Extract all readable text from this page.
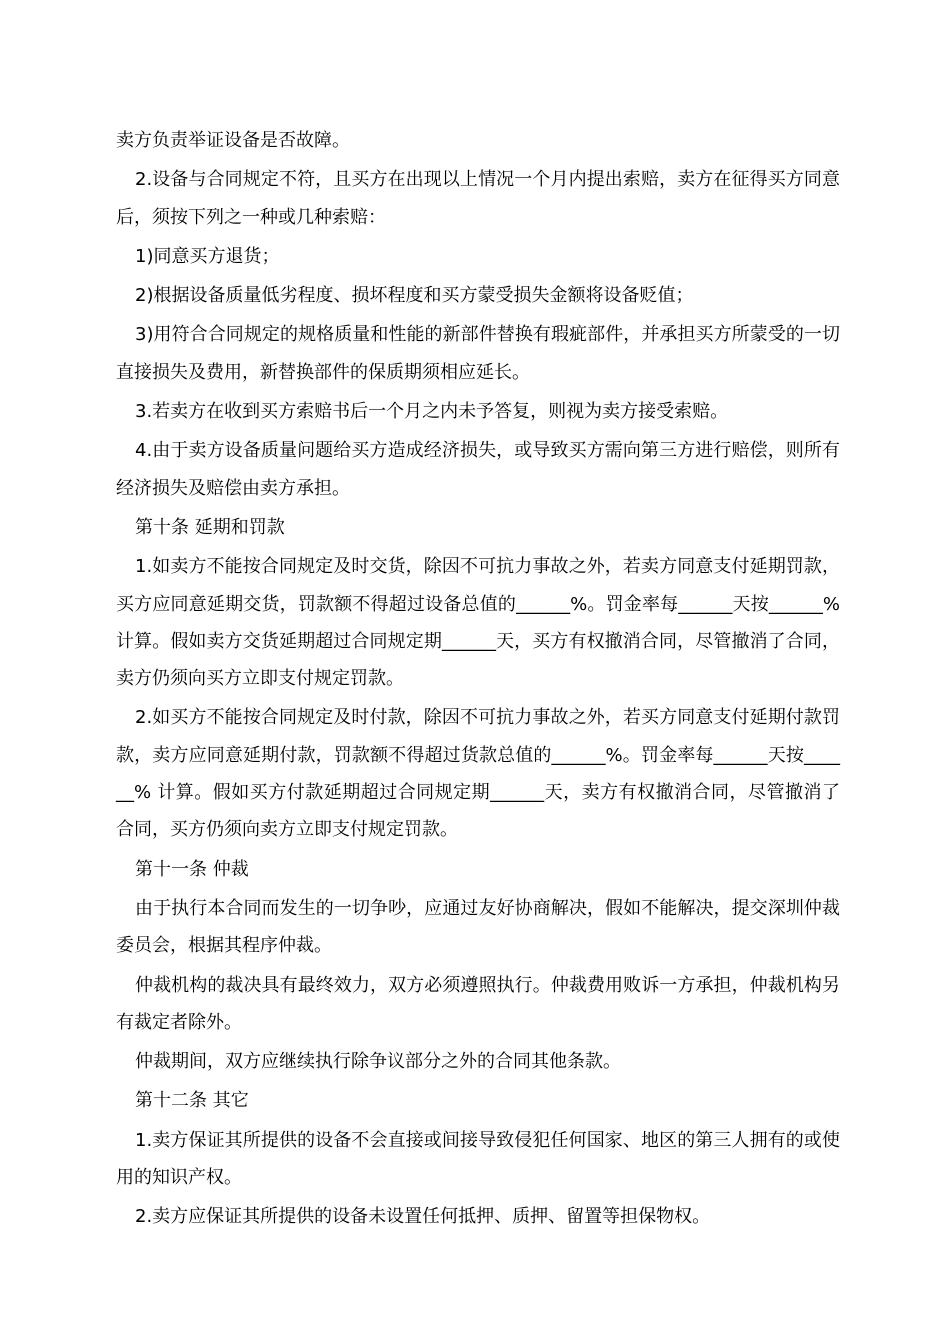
卖方负责举证设备是否故障。

2.设备与合同规定不符，且买方在出现以上情况一个月内提出索赔，卖方在征得买方同意后，须按下列之一种或几种索赔：

1)同意买方退货；

2)根据设备质量低劣程度、损坏程度和买方蒙受损失金额将设备贬值；

3)用符合合同规定的规格质量和性能的新部件替换有瑕疵部件，并承担买方所蒙受的一切直接损失及费用，新替换部件的保质期须相应延长。

3.若卖方在收到买方索赔书后一个月之内未予答复，则视为卖方接受索赔。

4.由于卖方设备质量问题给买方造成经济损失，或导致买方需向第三方进行赔偿，则所有经济损失及赔偿由卖方承担。

第十条 延期和罚款

1.如卖方不能按合同规定及时交货，除因不可抗力事故之外，若卖方同意支付延期罚款，买方应同意延期交货，罚款额不得超过设备总值的______%。罚金率每______天按______%计算。假如卖方交货延期超过合同规定期______天，买方有权撤消合同，尽管撤消了合同，卖方仍须向买方立即支付规定罚款。

2.如买方不能按合同规定及时付款，除因不可抗力事故之外，若买方同意支付延期付款罚款，卖方应同意延期付款，罚款额不得超过货款总值的______%。罚金率每______天按______% 计算。假如买方付款延期超过合同规定期______天，卖方有权撤消合同，尽管撤消了合同，买方仍须向卖方立即支付规定罚款。

第十一条 仲裁

由于执行本合同而发生的一切争吵，应通过友好协商解决，假如不能解决，提交深圳仲裁委员会，根据其程序仲裁。

仲裁机构的裁决具有最终效力，双方必须遵照执行。仲裁费用败诉一方承担，仲裁机构另有裁定者除外。

仲裁期间，双方应继续执行除争议部分之外的合同其他条款。

第十二条 其它

1.卖方保证其所提供的设备不会直接或间接导致侵犯任何国家、地区的第三人拥有的或使用的知识产权。

2.卖方应保证其所提供的设备未设置任何抵押、质押、留置等担保物权。
